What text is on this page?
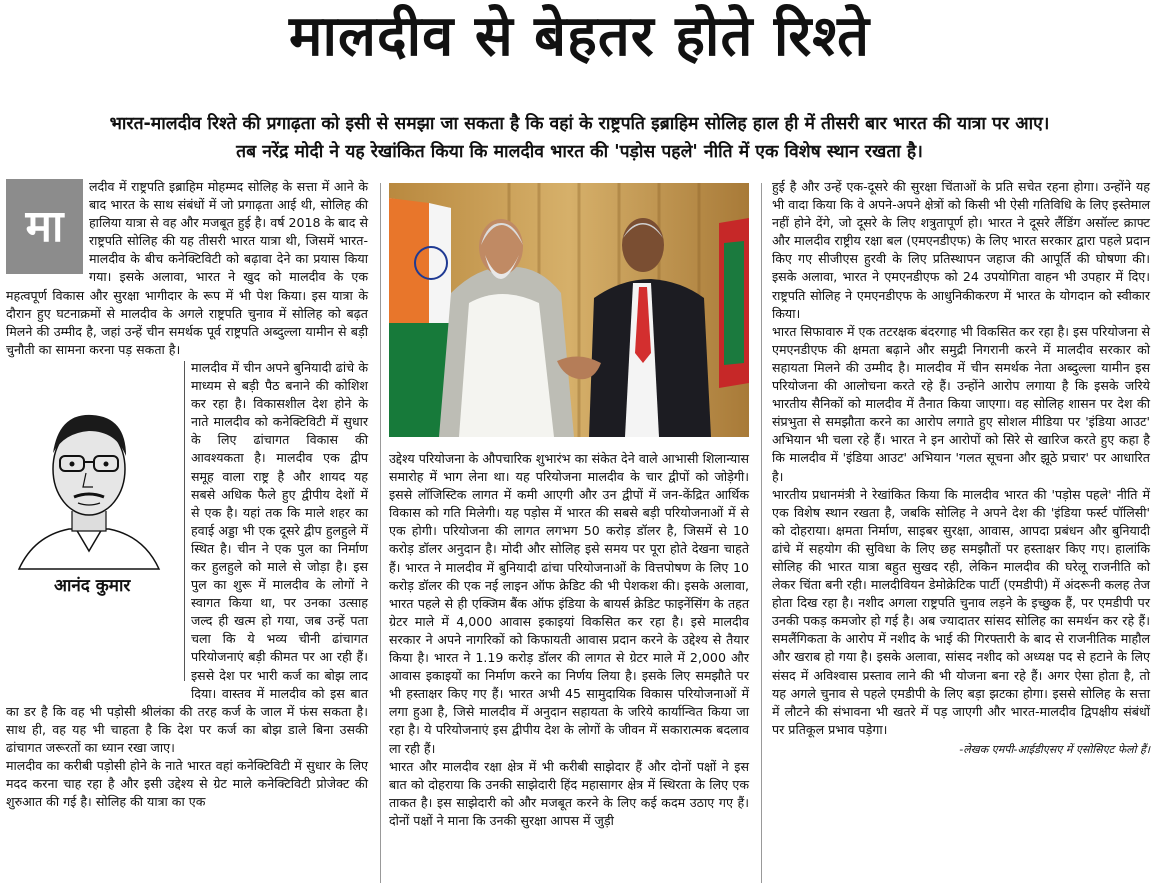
मालदीव से बेहतर होते रिश्ते
भारत-मालदीव रिश्ते की प्रगाढ़ता को इसी से समझा जा सकता है कि वहां के राष्ट्रपति इब्राहिम सोलिह हाल ही में तीसरी बार भारत की यात्रा पर आए।
तब नरेंद्र मोदी ने यह रेखांकित किया कि मालदीव भारत की 'पड़ोस पहले' नीति में एक विशेष स्थान रखता है।
मा

लदीव में राष्ट्रपति इब्राहिम मोहम्मद सोलिह के सत्ता में आने के बाद भारत के साथ संबंधों में जो प्रगाढ़ता आई थी, सोलिह की हालिया यात्रा से वह और मजबूत हुई है। वर्ष 2018 के बाद से राष्ट्रपति सोलिह की यह तीसरी भारत यात्रा थी, जिसमें भारत-मालदीव के बीच कनेक्टिविटी को बढ़ावा देने का प्रयास किया गया। इसके अलावा, भारत ने खुद को मालदीव के एक महत्वपूर्ण विकास और सुरक्षा भागीदार के रूप में भी पेश किया। इस यात्रा के दौरान हुए घटनाक्रमों से मालदीव के अगले राष्ट्रपति चुनाव में सोलिह को बढ़त मिलने की उम्मीद है, जहां उन्हें चीन समर्थक पूर्व राष्ट्रपति अब्दुल्ला यामीन से बड़ी चुनौती का सामना करना पड़ सकता है।

आनंद कुमार

मालदीव में चीन अपने बुनियादी ढांचे के माध्यम से बड़ी पैठ बनाने की कोशिश कर रहा है। विकासशील देश होने के नाते मालदीव को कनेक्टिविटी में सुधार के लिए ढांचागत विकास की आवश्यकता है। मालदीव एक द्वीप समूह वाला राष्ट्र है और शायद यह सबसे अधिक फैले हुए द्वीपीय देशों में से एक है। यहां तक कि माले शहर का हवाई अड्डा भी एक दूसरे द्वीप हुलहुले में स्थित है। चीन ने एक पुल का निर्माण कर हुलहुले को माले से जोड़ा है। इस पुल का शुरू में मालदीव के लोगों ने स्वागत किया था, पर उनका उत्साह जल्द ही खत्म हो गया, जब उन्हें पता चला कि ये भव्य चीनी ढांचागत परियोजनाएं बड़ी कीमत पर आ रही हैं। इससे देश पर भारी कर्ज का बोझ लाद दिया। वास्तव में मालदीव को इस बात का डर है कि वह भी पड़ोसी श्रीलंका की तरह कर्ज के जाल में फंस सकता है। साथ ही, वह यह भी चाहता है कि देश पर कर्ज का बोझ डाले बिना उसकी ढांचागत जरूरतों का ध्यान रखा जाए।

मालदीव का करीबी पड़ोसी होने के नाते भारत वहां कनेक्टिविटी में सुधार के लिए मदद करना चाह रहा है और इसी उद्देश्य से ग्रेट माले कनेक्टिविटी प्रोजेक्ट की शुरुआत की गई है। सोलिह की यात्रा का एक

उद्देश्य परियोजना के औपचारिक शुभारंभ का संकेत देने वाले आभासी शिलान्यास समारोह में भाग लेना था। यह परियोजना मालदीव के चार द्वीपों को जोड़ेगी। इससे लॉजिस्टिक लागत में कमी आएगी और उन द्वीपों में जन-केंद्रित आर्थिक विकास को गति मिलेगी। यह पड़ोस में भारत की सबसे बड़ी परियोजनाओं में से एक होगी। परियोजना की लागत लगभग 50 करोड़ डॉलर है, जिसमें से 10 करोड़ डॉलर अनुदान है। मोदी और सोलिह इसे समय पर पूरा होते देखना चाहते हैं। भारत ने मालदीव में बुनियादी ढांचा परियोजनाओं के वित्तपोषण के लिए 10 करोड़ डॉलर की एक नई लाइन ऑफ क्रेडिट की भी पेशकश की। इसके अलावा, भारत पहले से ही एक्जिम बैंक ऑफ इंडिया के बायर्स क्रेडिट फाइनेंसिंग के तहत ग्रेटर माले में 4,000 आवास इकाइयां विकसित कर रहा है। इसे मालदीव सरकार ने अपने नागरिकों को किफायती आवास प्रदान करने के उद्देश्य से तैयार किया है। भारत ने 1.19 करोड़ डॉलर की लागत से ग्रेटर माले में 2,000 और आवास इकाइयों का निर्माण करने का निर्णय लिया है। इसके लिए समझौते पर भी हस्ताक्षर किए गए हैं। भारत अभी 45 सामुदायिक विकास परियोजनाओं में लगा हुआ है, जिसे मालदीव में अनुदान सहायता के जरिये कार्यान्वित किया जा रहा है। ये परियोजनाएं इस द्वीपीय देश के लोगों के जीवन में सकारात्मक बदलाव ला रही हैं।

भारत और मालदीव रक्षा क्षेत्र में भी करीबी साझेदार हैं और दोनों पक्षों ने इस बात को दोहराया कि उनकी साझेदारी हिंद महासागर क्षेत्र में स्थिरता के लिए एक ताकत है। इस साझेदारी को और मजबूत करने के लिए कई कदम उठाए गए हैं। दोनों पक्षों ने माना कि उनकी सुरक्षा आपस में जुड़ी

हुई है और उन्हें एक-दूसरे की सुरक्षा चिंताओं के प्रति सचेत रहना होगा। उन्होंने यह भी वादा किया कि वे अपने-अपने क्षेत्रों को किसी भी ऐसी गतिविधि के लिए इस्तेमाल नहीं होने देंगे, जो दूसरे के लिए शत्रुतापूर्ण हो। भारत ने दूसरे लैंडिंग असॉल्ट क्राफ्ट और मालदीव राष्ट्रीय रक्षा बल (एमएनडीएफ) के लिए भारत सरकार द्वारा पहले प्रदान किए गए सीजीएस हुरवी के लिए प्रतिस्थापन जहाज की आपूर्ति की घोषणा की। इसके अलावा, भारत ने एमएनडीएफ को 24 उपयोगिता वाहन भी उपहार में दिए। राष्ट्रपति सोलिह ने एमएनडीएफ के आधुनिकीकरण में भारत के योगदान को स्वीकार किया।

भारत सिफावारु में एक तटरक्षक बंदरगाह भी विकसित कर रहा है। इस परियोजना से एमएनडीएफ की क्षमता बढ़ाने और समुद्री निगरानी करने में मालदीव सरकार को सहायता मिलने की उम्मीद है। मालदीव में चीन समर्थक नेता अब्दुल्ला यामीन इस परियोजना की आलोचना करते रहे हैं। उन्होंने आरोप लगाया है कि इसके जरिये भारतीय सैनिकों को मालदीव में तैनात किया जाएगा। वह सोलिह शासन पर देश की संप्रभुता से समझौता करने का आरोप लगाते हुए सोशल मीडिया पर 'इंडिया आउट' अभियान भी चला रहे हैं। भारत ने इन आरोपों को सिरे से खारिज करते हुए कहा है कि मालदीव में 'इंडिया आउट' अभियान 'गलत सूचना और झूठे प्रचार' पर आधारित है।

भारतीय प्रधानमंत्री ने रेखांकित किया कि मालदीव भारत की 'पड़ोस पहले' नीति में एक विशेष स्थान रखता है, जबकि सोलिह ने अपने देश की 'इंडिया फर्स्ट पॉलिसी' को दोहराया। क्षमता निर्माण, साइबर सुरक्षा, आवास, आपदा प्रबंधन और बुनियादी ढांचे में सहयोग की सुविधा के लिए छह समझौतों पर हस्ताक्षर किए गए। हालांकि सोलिह की भारत यात्रा बहुत सुखद रही, लेकिन मालदीव की घरेलू राजनीति को लेकर चिंता बनी रही। मालदीवियन डेमोक्रेटिक पार्टी (एमडीपी) में अंदरूनी कलह तेज होता दिख रहा है। नशीद अगला राष्ट्रपति चुनाव लड़ने के इच्छुक हैं, पर एमडीपी पर उनकी पकड़ कमजोर हो गई है। अब ज्यादातर सांसद सोलिह का समर्थन कर रहे हैं। समलैंगिकता के आरोप में नशीद के भाई की गिरफ्तारी के बाद से राजनीतिक माहौल और खराब हो गया है। इसके अलावा, सांसद नशीद को अध्यक्ष पद से हटाने के लिए संसद में अविश्वास प्रस्ताव लाने की भी योजना बना रहे हैं। अगर ऐसा होता है, तो यह अगले चुनाव से पहले एमडीपी के लिए बड़ा झटका होगा। इससे सोलिह के सत्ता में लौटने की संभावना भी खतरे में पड़ जाएगी और भारत-मालदीव द्विपक्षीय संबंधों पर प्रतिकूल प्रभाव पड़ेगा।

-लेखक एमपी-आईडीएसए में एसोसिएट फेलो हैं।
